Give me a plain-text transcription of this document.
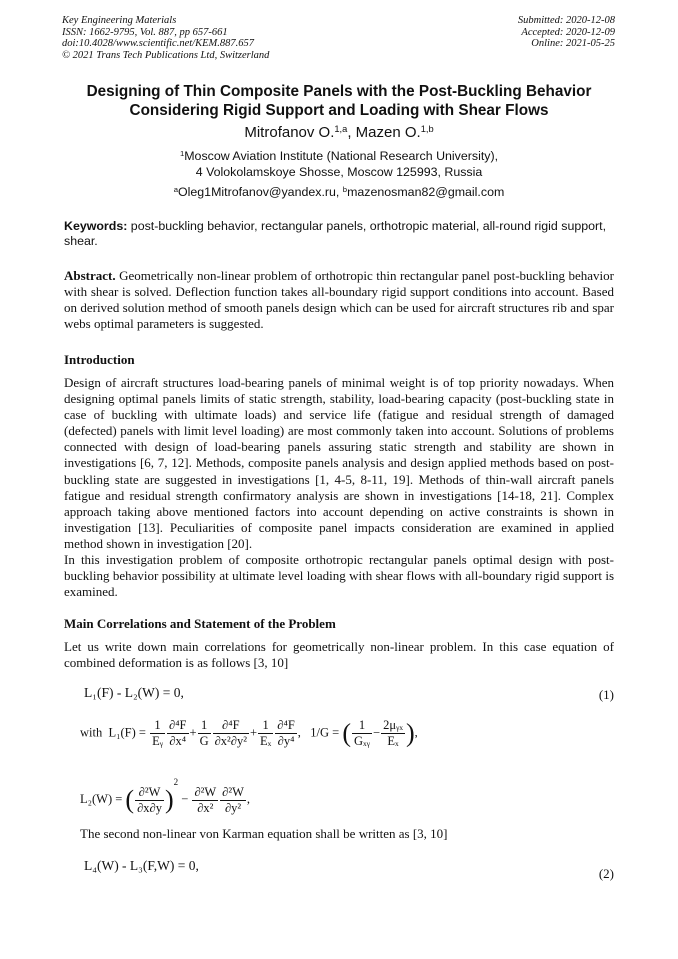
Key Engineering Materials
ISSN: 1662-9795, Vol. 887, pp 657-661
doi:10.4028/www.scientific.net/KEM.887.657
© 2021 Trans Tech Publications Ltd, Switzerland
Submitted: 2020-12-08
Accepted: 2020-12-09
Online: 2021-05-25
Designing of Thin Composite Panels with the Post-Buckling Behavior
Considering Rigid Support and Loading with Shear Flows
Mitrofanov O.$^{1,a}$, Mazen O.$^{1,b}$
$^1$Moscow Aviation Institute (National Research University),
4 Volokolamskoye Shosse, Moscow 125993, Russia
$^a$Oleg1Mitrofanov@yandex.ru, $^b$mazenosman82@gmail.com
Keywords: post-buckling behavior, rectangular panels, orthotropic material, all-round rigid support, shear.
Abstract. Geometrically non-linear problem of orthotropic thin rectangular panel post-buckling behavior with shear is solved. Deflection function takes all-boundary rigid support conditions into account. Based on derived solution method of smooth panels design which can be used for aircraft structures rib and spar webs optimal parameters is suggested.
Introduction
Design of aircraft structures load-bearing panels of minimal weight is of top priority nowadays. When designing optimal panels limits of static strength, stability, load-bearing capacity (post-buckling state in case of buckling with ultimate loads) and service life (fatigue and residual strength of damaged (defected) panels with limit level loading) are most commonly taken into account. Solutions of problems connected with design of load-bearing panels assuring static strength and stability are shown in investigations [6, 7, 12]. Methods, composite panels analysis and design applied methods based on post-buckling state are suggested in investigations [1, 4-5, 8-11, 19]. Methods of thin-wall aircraft panels fatigue and residual strength confirmatory analysis are shown in investigations [14-18, 21]. Complex approach taking above mentioned factors into account depending on active constraints is shown in investigation [13]. Peculiarities of composite panel impacts consideration are examined in applied method shown in investigation [20].
In this investigation problem of composite orthotropic rectangular panels optimal design with post-buckling behavior possibility at ultimate level loading with shear flows with all-boundary rigid support is examined.
Main Correlations and Statement of the Problem
Let us write down main correlations for geometrically non-linear problem. In this case equation of combined deformation is as follows [3, 10]
L₁(F) - L₂(W) = 0,	(1)
with $L_1(F) = \frac{1}{\text{Eᵧ}} \frac{\text{∂⁴F}}{\text{∂x⁴}} + \frac{1}{G} \frac{\text{∂⁴F}}{\text{∂x²∂y²}} + \frac{1}{\text{Eₓ}} \frac{\text{∂⁴F}}{\text{∂y⁴}}$ ,   1/G = ( $\frac{1}{\text{Gₓᵧ}} - \frac{\text{2μᵧₓ}}{\text{Eₓ}}$ ),
L₂(W) = ( $\frac{\text{∂²W}}{\partial x\partial y} )^2 - \frac{\text{∂²W}}{\text{∂x²}} \frac{\text{∂²W}}{\text{∂y²}}$ ,
The second non-linear von Karman equation shall be written as [3, 10]
L₄(W) - L₃(F,W) = 0,
(2)
